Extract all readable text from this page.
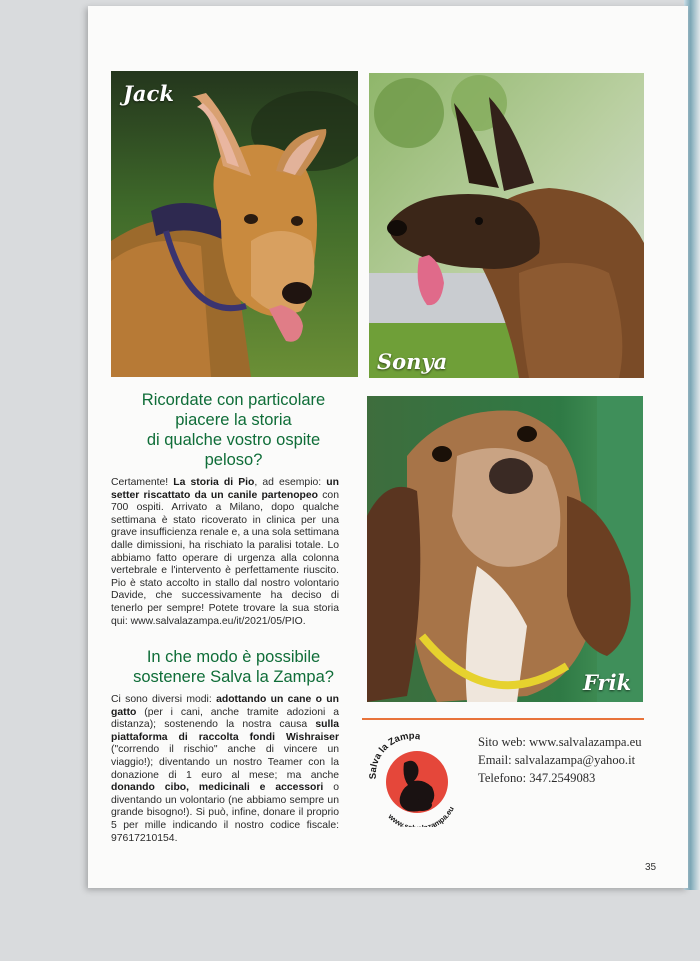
Jack
Sonya
Frik
Ricordate con particolare
piacere la storia
di qualche vostro ospite
peloso?
Certamente! La storia di Pio, ad esempio: un setter riscattato da un canile partenopeo con 700 ospiti. Arrivato a Milano, dopo qualche settimana è stato ricoverato in clinica per una grave insufficienza renale e, a una sola settimana dalle dimissioni, ha rischiato la paralisi totale. Lo abbiamo fatto operare di urgenza alla colonna vertebrale e l'intervento è perfettamente riuscito. Pio è stato accolto in stallo dal nostro volontario Davide, che successivamente ha deciso di tenerlo per sempre! Potete trovare la sua storia qui: www.salvalazampa.eu/it/2021/05/PIO.
In che modo è possibile
sostenere Salva la Zampa?
Ci sono diversi modi: adottando un cane o un gatto (per i cani, anche tramite adozioni a distanza); sostenendo la nostra causa sulla piattaforma di raccolta fondi Wishraiser ("correndo il rischio" anche di vincere un viaggio!); diventando un nostro Teamer con la donazione di 1 euro al mese; ma anche donando cibo, medicinali e accessori o diventando un volontario (ne abbiamo sempre un grande bisogno!). Si può, infine, donare il proprio 5 per mille indicando il nostro codice fiscale: 97617210154.
Salva la Zampa
www.s zampa.eu
Sito web: www.salvalazampa.eu
Email: salvalazampa@yahoo.it
Telefono: 347.2549083
35
